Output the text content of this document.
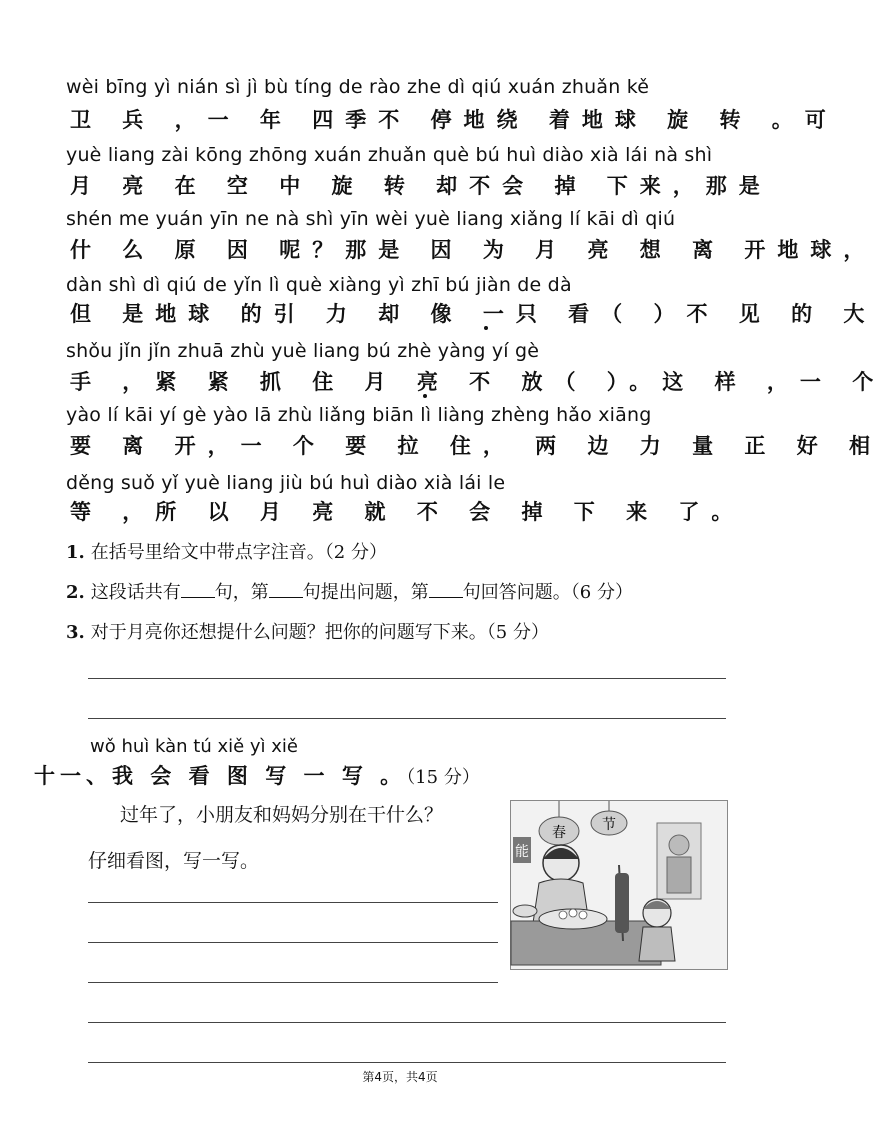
wèi bīng yì nián sì jì bù tíng de rào zhe dì qiú xuán zhuǎn kě
卫 兵 ，一 年 四季不 停地绕 着地球 旋 转 。可
yuè liang zài kōng zhōng xuán zhuǎn què bú huì diào xià lái nà shì
月 亮 在 空 中 旋 转 却不会 掉 下来，那是
shén me yuán yīn ne nà shì yīn wèi yuè liang xiǎng lí kāi dì qiú
什 么 原 因 呢？那是 因 为 月 亮 想 离 开地球，
dàn shì dì qiú de yǐn lì què xiàng yì zhī bú jiàn de dà
但 是地球 的引 力 却 像 一只 看（ ）不 见 的 大
shǒu jǐn jǐn zhuā zhù yuè liang bú zhè yàng yí gè
手 ，紧 紧 抓 住 月 亮 不 放（ ）。这 样 ，一 个
yào lí kāi yí gè yào lā zhù liǎng biān lì liàng zhèng hǎo xiāng
要 离 开，一 个 要 拉 住， 两 边 力 量 正 好 相
děng suǒ yǐ yuè liang jiù bú huì diào xià lái le
等 ，所 以 月 亮 就 不 会 掉 下 来 了。
1. 在括号里给文中带点字注音。（2 分）
2. 这段话共有 句，第 句提出问题，第 句回答问题。（6 分）
3. 对于月亮你还想提什么问题？把你的问题写下来。（5 分）
wǒ huì kàn tú xiě yì xiě
十一、我 会 看 图 写 一 写 。（15 分）
过年了，小朋友和妈妈分别在干什么？
仔细看图，写一写。
春	节
能
第4页，共4页
